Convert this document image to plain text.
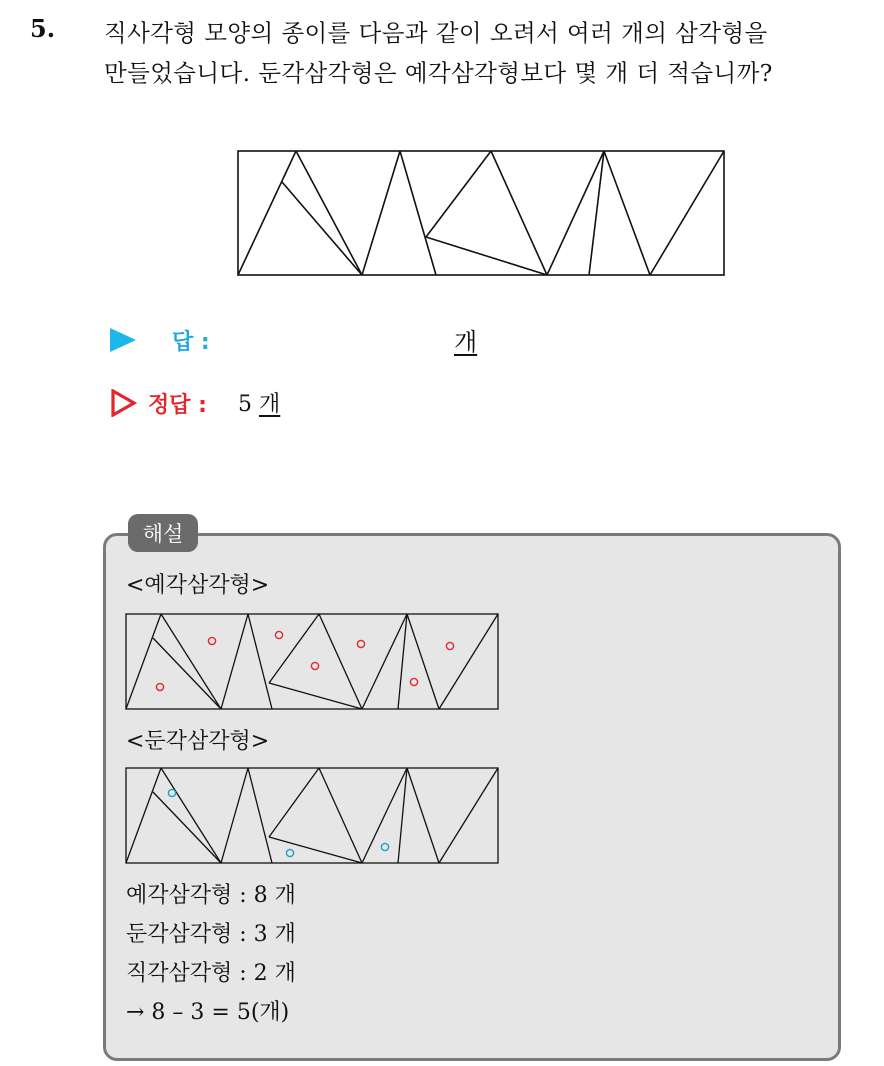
5. 직사각형 모양의 종이를 다음과 같이 오려서 여러 개의 삼각형을
만들었습니다. 둔각삼각형은 예각삼각형보다 몇 개 더 적습니까?
답 :	개
정답 : 5 개
해설
<예각삼각형>
<둔각삼각형>
예각삼각형 : 8 개
둔각삼각형 : 3 개
직각삼각형 : 2 개
→ 8 – 3 = 5(개)
